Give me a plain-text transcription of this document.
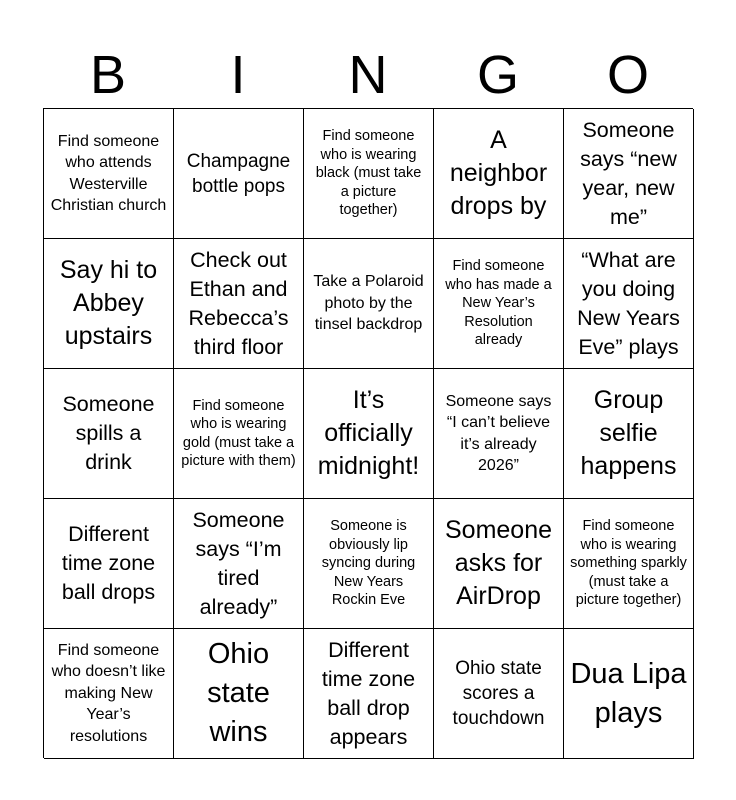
B	I	N	G	O
Find someone who attends Westerville Christian church
Champagne bottle pops
Find someone who is wearing black (must take a picture together)
A neighbor drops by
Someone says “new year, new me”
Say hi to Abbey upstairs
Check out Ethan and Rebecca’s third floor
Take a Polaroid photo by the tinsel backdrop
Find someone who has made a New Year’s Resolution already
“What are you doing New Years Eve” plays
Someone spills a drink
Find someone who is wearing gold (must take a picture with them)
It’s officially midnight!
Someone says “I can’t believe it’s already 2026”
Group selfie happens
Different time zone ball drops
Someone says “I’m tired already”
Someone is obviously lip syncing during New Years Rockin Eve
Someone asks for AirDrop
Find someone who is wearing something sparkly (must take a picture together)
Find someone who doesn’t like making New Year’s resolutions
Ohio state wins
Different time zone ball drop appears
Ohio state scores a touchdown
Dua Lipa plays
